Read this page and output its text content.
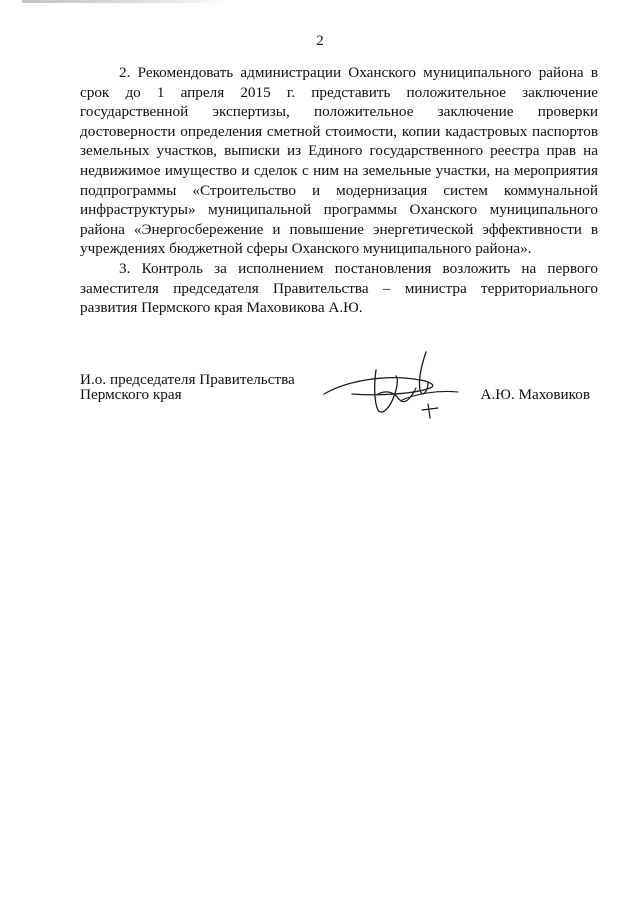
2

2. Рекомендовать администрации Оханского муниципального района в срок до 1 апреля 2015 г. представить положительное заключение государственной экспертизы, положительное заключение проверки достоверности определения сметной стоимости, копии кадастровых паспортов земельных участков, выписки из Единого государственного реестра прав на недвижимое имущество и сделок с ним на земельные участки, на мероприятия подпрограммы «Строительство и модернизация систем коммунальной инфраструктуры» муниципальной программы Оханского муниципального района «Энергосбережение и повышение энергетической эффективности в учреждениях бюджетной сферы Оханского муниципального района».

3. Контроль за исполнением постановления возложить на первого заместителя председателя Правительства – министра территориального развития Пермского края Маховикова А.Ю.

И.о. председателя Правительства
Пермского края	А.Ю. Маховиков
